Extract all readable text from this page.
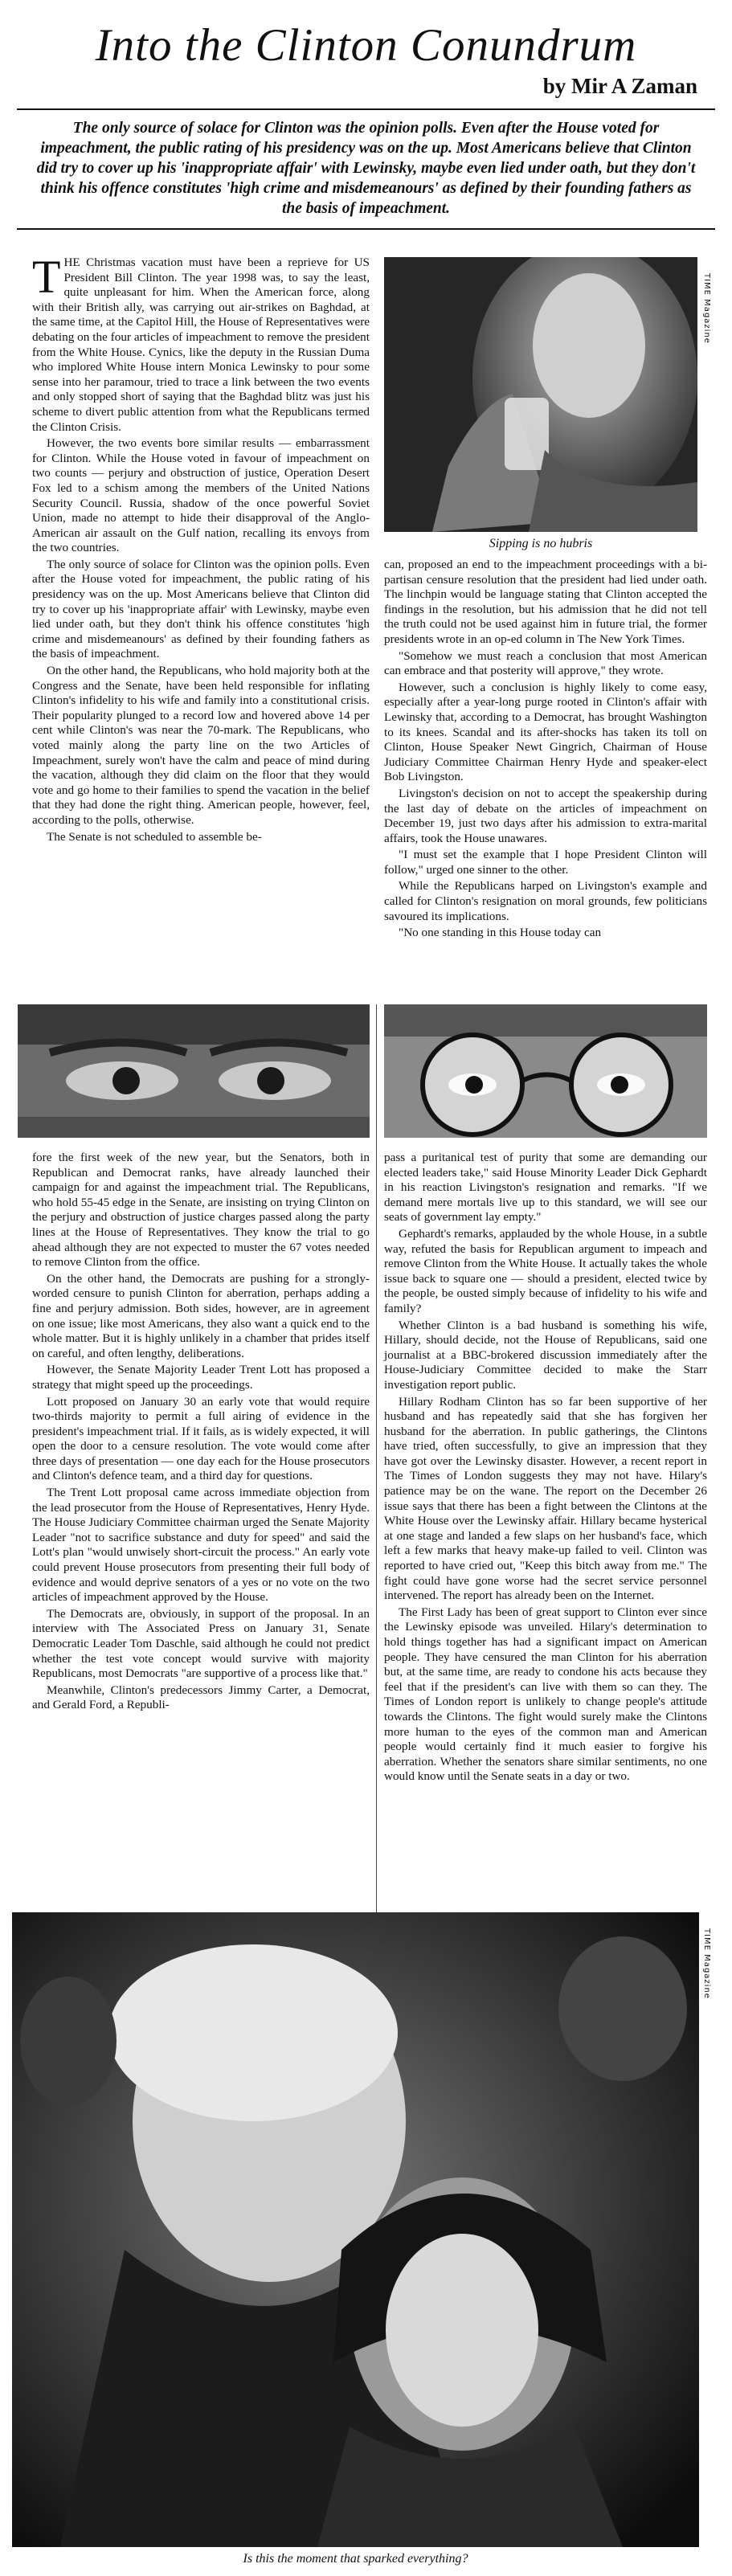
Into the Clinton Conundrum
by Mir A Zaman
The only source of solace for Clinton was the opinion polls. Even after the House voted for impeachment, the public rating of his presidency was on the up. Most Americans believe that Clinton did try to cover up his 'inappropriate affair' with Lewinsky, maybe even lied under oath, but they don't think his offence constitutes 'high crime and misdemeanours' as defined by their founding fathers as the basis of impeachment.

THE Christmas vacation must have been a reprieve for US President Bill Clinton. The year 1998 was, to say the least, quite unpleasant for him. When the American force, along with their British ally, was carrying out air-strikes on Baghdad, at the same time, at the Capitol Hill, the House of Representatives were debating on the four articles of impeachment to remove the president from the White House. Cynics, like the deputy in the Russian Duma who implored White House intern Monica Lewinsky to pour some sense into her paramour, tried to trace a link between the two events and only stopped short of saying that the Baghdad blitz was just his scheme to divert public attention from what the Republicans termed the Clinton Crisis.

However, the two events bore similar results — embarrassment for Clinton. While the House voted in favour of impeachment on two counts — perjury and obstruction of justice, Operation Desert Fox led to a schism among the members of the United Nations Security Council. Russia, shadow of the once powerful Soviet Union, made no attempt to hide their disapproval of the Anglo-American air assault on the Gulf nation, recalling its envoys from the two countries.

The only source of solace for Clinton was the opinion polls. Even after the House voted for impeachment, the public rating of his presidency was on the up. Most Americans believe that Clinton did try to cover up his 'inappropriate affair' with Lewinsky, maybe even lied under oath, but they don't think his offence constitutes 'high crime and misdemeanours' as defined by their founding fathers as the basis of impeachment.

On the other hand, the Republicans, who hold majority both at the Congress and the Senate, have been held responsible for inflating Clinton's infidelity to his wife and family into a constitutional crisis. Their popularity plunged to a record low and hovered above 14 per cent while Clinton's was near the 70-mark. The Republicans, who voted mainly along the party line on the two Articles of Impeachment, surely won't have the calm and peace of mind during the vacation, although they did claim on the floor that they would vote and go home to their families to spend the vacation in the belief that they had done the right thing. American people, however, feel, according to the polls, otherwise.

The Senate is not scheduled to assemble be-

TIME Magazine
Sipping is no hubris

can, proposed an end to the impeachment proceedings with a bi-partisan censure resolution that the president had lied under oath. The linchpin would be language stating that Clinton accepted the findings in the resolution, but his admission that he did not tell the truth could not be used against him in future trial, the former presidents wrote in an op-ed column in The New York Times.

"Somehow we must reach a conclusion that most American can embrace and that posterity will approve," they wrote.

However, such a conclusion is highly likely to come easy, especially after a year-long purge rooted in Clinton's affair with Lewinsky that, according to a Democrat, has brought Washington to its knees. Scandal and its after-shocks has taken its toll on Clinton, House Speaker Newt Gingrich, Chairman of House Judiciary Committee Chairman Henry Hyde and speaker-elect Bob Livingston.

Livingston's decision on not to accept the speakership during the last day of debate on the articles of impeachment on December 19, just two days after his admission to extra-marital affairs, took the House unawares.

"I must set the example that I hope President Clinton will follow," urged one sinner to the other.

While the Republicans harped on Livingston's example and called for Clinton's resignation on moral grounds, few politicians savoured its implications.

"No one standing in this House today can

fore the first week of the new year, but the Senators, both in Republican and Democrat ranks, have already launched their campaign for and against the impeachment trial. The Republicans, who hold 55-45 edge in the Senate, are insisting on trying Clinton on the perjury and obstruction of justice charges passed along the party lines at the House of Representatives. They know the trial to go ahead although they are not expected to muster the 67 votes needed to remove Clinton from the office.

On the other hand, the Democrats are pushing for a strongly-worded censure to punish Clinton for aberration, perhaps adding a fine and perjury admission. Both sides, however, are in agreement on one issue; like most Americans, they also want a quick end to the whole matter. But it is highly unlikely in a chamber that prides itself on careful, and often lengthy, deliberations.

However, the Senate Majority Leader Trent Lott has proposed a strategy that might speed up the proceedings.

Lott proposed on January 30 an early vote that would require two-thirds majority to permit a full airing of evidence in the president's impeachment trial. If it fails, as is widely expected, it will open the door to a censure resolution. The vote would come after three days of presentation — one day each for the House prosecutors and Clinton's defence team, and a third day for questions.

The Trent Lott proposal came across immediate objection from the lead prosecutor from the House of Representatives, Henry Hyde. The House Judiciary Committee chairman urged the Senate Majority Leader "not to sacrifice substance and duty for speed" and said the Lott's plan "would unwisely short-circuit the process." An early vote could prevent House prosecutors from presenting their full body of evidence and would deprive senators of a yes or no vote on the two articles of impeachment approved by the House.

The Democrats are, obviously, in support of the proposal. In an interview with The Associated Press on January 31, Senate Democratic Leader Tom Daschle, said although he could not predict whether the test vote concept would survive with majority Republicans, most Democrats "are supportive of a process like that."

Meanwhile, Clinton's predecessors Jimmy Carter, a Democrat, and Gerald Ford, a Republi-

pass a puritanical test of purity that some are demanding our elected leaders take," said House Minority Leader Dick Gephardt in his reaction Livingston's resignation and remarks. "If we demand mere mortals live up to this standard, we will see our seats of government lay empty."

Gephardt's remarks, applauded by the whole House, in a subtle way, refuted the basis for Republican argument to impeach and remove Clinton from the White House. It actually takes the whole issue back to square one — should a president, elected twice by the people, be ousted simply because of infidelity to his wife and family?

Whether Clinton is a bad husband is something his wife, Hillary, should decide, not the House of Republicans, said one journalist at a BBC-brokered discussion immediately after the House-Judiciary Committee decided to make the Starr investigation report public.

Hillary Rodham Clinton has so far been supportive of her husband and has repeatedly said that she has forgiven her husband for the aberration. In public gatherings, the Clintons have tried, often successfully, to give an impression that they have got over the Lewinsky disaster. However, a recent report in The Times of London suggests they may not have. Hilary's patience may be on the wane. The report on the December 26 issue says that there has been a fight between the Clintons at the White House over the Lewinsky affair. Hillary became hysterical at one stage and landed a few slaps on her husband's face, which left a few marks that heavy make-up failed to veil. Clinton was reported to have cried out, "Keep this bitch away from me." The fight could have gone worse had the secret service personnel intervened. The report has already been on the Internet.

The First Lady has been of great support to Clinton ever since the Lewinsky episode was unveiled. Hilary's determination to hold things together has had a significant impact on American people. They have censured the man Clinton for his aberration but, at the same time, are ready to condone his acts because they feel that if the president's can live with them so can they. The Times of London report is unlikely to change people's attitude towards the Clintons. The fight would surely make the Clintons more human to the eyes of the common man and American people would certainly find it much easier to forgive his aberration. Whether the senators share similar sentiments, no one would know until the Senate seats in a day or two.

TIME Magazine
Is this the moment that sparked everything?
